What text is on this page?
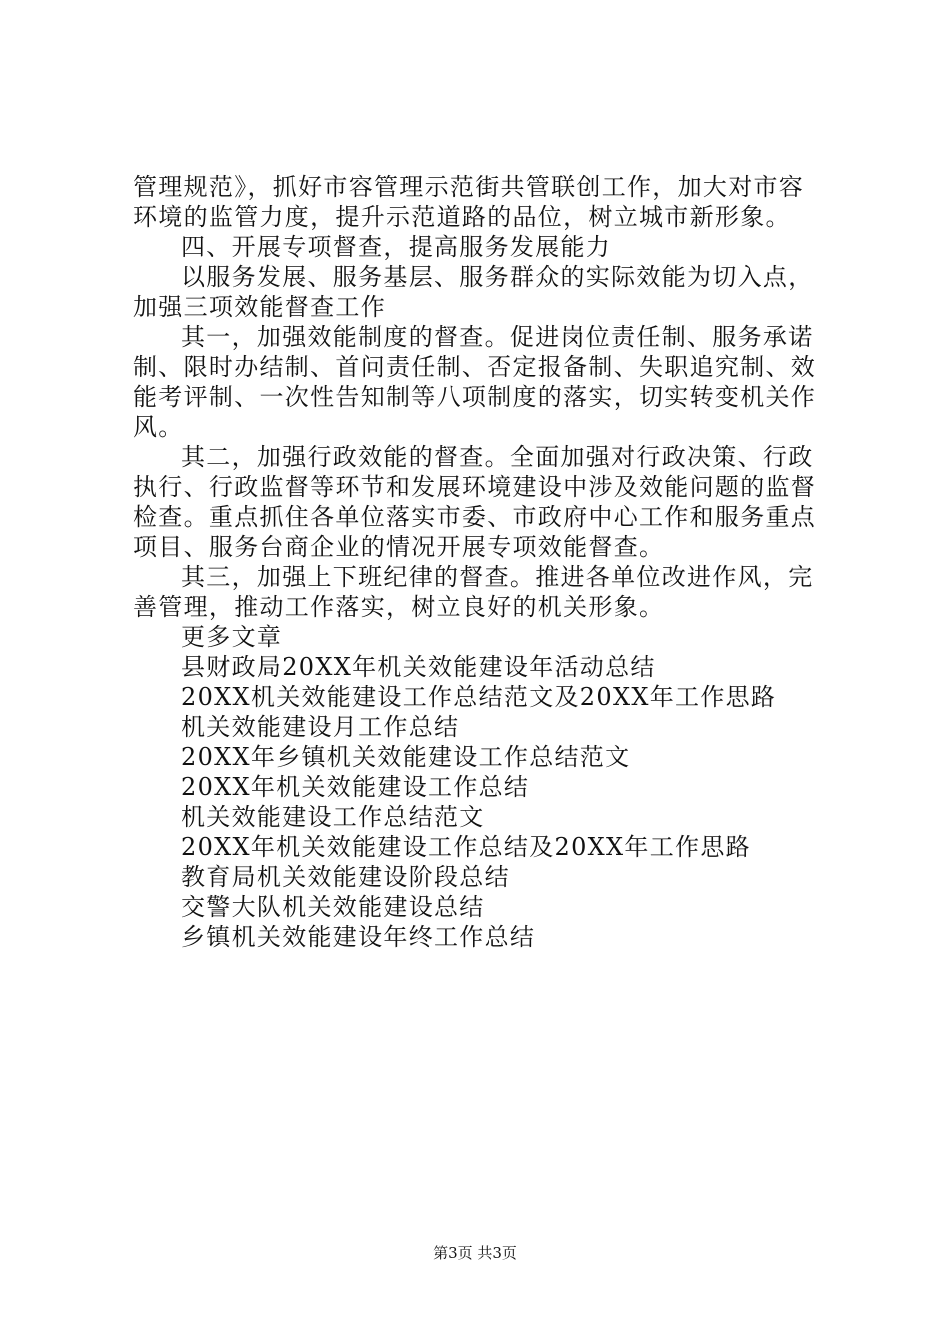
管理规范》，抓好市容管理示范街共管联创工作，加大对市容
环境的监管力度，提升示范道路的品位，树立城市新形象。
四、开展专项督查，提高服务发展能力
以服务发展、服务基层、服务群众的实际效能为切入点，
加强三项效能督查工作
其一，加强效能制度的督查。促进岗位责任制、服务承诺
制、限时办结制、首问责任制、否定报备制、失职追究制、效
能考评制、一次性告知制等八项制度的落实，切实转变机关作
风。
其二，加强行政效能的督查。全面加强对行政决策、行政
执行、行政监督等环节和发展环境建设中涉及效能问题的监督
检查。重点抓住各单位落实市委、市政府中心工作和服务重点
项目、服务台商企业的情况开展专项效能督查。
其三，加强上下班纪律的督查。推进各单位改进作风，完
善管理，推动工作落实，树立良好的机关形象。
更多文章
县财政局20XX年机关效能建设年活动总结
20XX机关效能建设工作总结范文及20XX年工作思路
机关效能建设月工作总结
20XX年乡镇机关效能建设工作总结范文
20XX年机关效能建设工作总结
机关效能建设工作总结范文
20XX年机关效能建设工作总结及20XX年工作思路
教育局机关效能建设阶段总结
交警大队机关效能建设总结
乡镇机关效能建设年终工作总结
第3页 共3页
